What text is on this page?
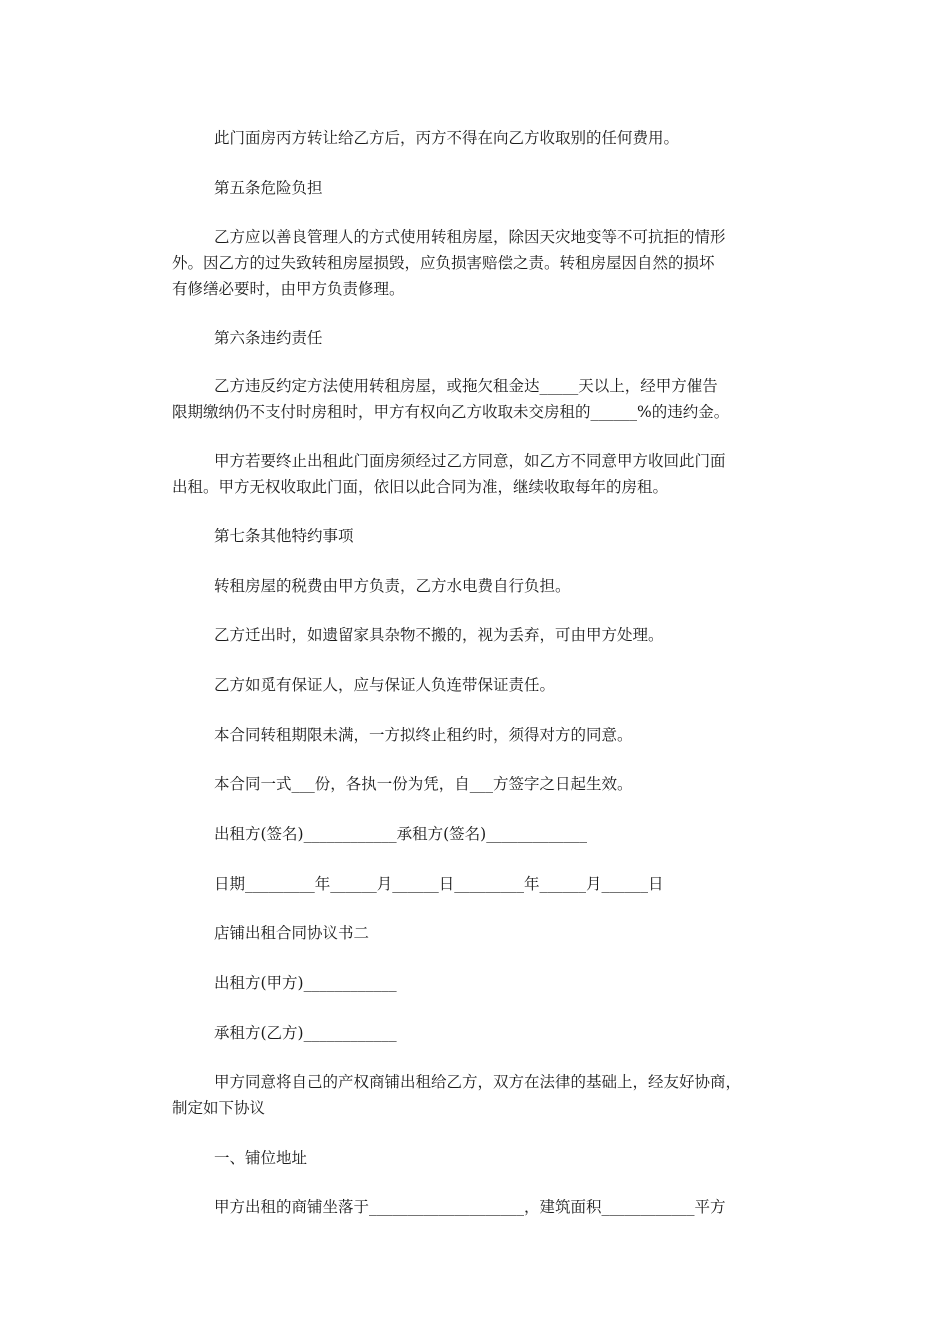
此门面房丙方转让给乙方后，丙方不得在向乙方收取别的任何费用。

第五条危险负担

乙方应以善良管理人的方式使用转租房屋，除因天灾地变等不可抗拒的情形
外。因乙方的过失致转租房屋损毁，应负损害赔偿之责。转租房屋因自然的损坏
有修缮必要时，由甲方负责修理。

第六条违约责任

乙方违反约定方法使用转租房屋，或拖欠租金达_____天以上，经甲方催告
限期缴纳仍不支付时房租时，甲方有权向乙方收取未交房租的______%的违约金。

甲方若要终止出租此门面房须经过乙方同意，如乙方不同意甲方收回此门面
出租。甲方无权收取此门面，依旧以此合同为准，继续收取每年的房租。

第七条其他特约事项

转租房屋的税费由甲方负责，乙方水电费自行负担。

乙方迁出时，如遗留家具杂物不搬的，视为丢弃，可由甲方处理。

乙方如觅有保证人，应与保证人负连带保证责任。

本合同转租期限未满，一方拟终止租约时，须得对方的同意。

本合同一式___份，各执一份为凭，自___方签字之日起生效。

出租方(签名)____________承租方(签名)_____________

日期_________年______月______日_________年______月______日

店铺出租合同协议书二

出租方(甲方)____________

承租方(乙方)____________

甲方同意将自己的产权商铺出租给乙方，双方在法律的基础上，经友好协商，
制定如下协议

一、铺位地址

甲方出租的商铺坐落于____________________，建筑面积____________平方
